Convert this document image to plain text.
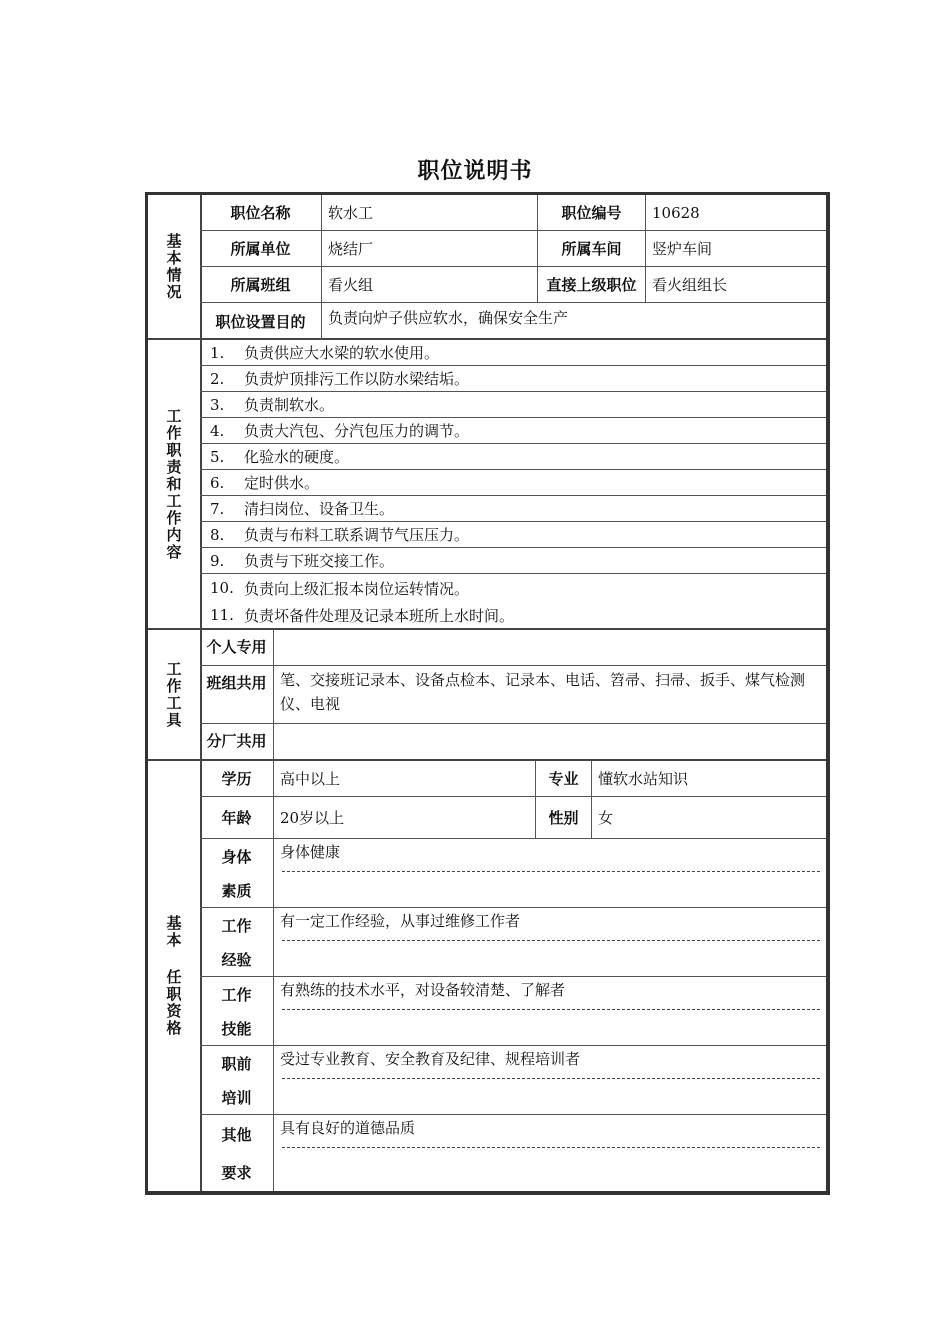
职位说明书
基本情况
职位名称	软水工	职位编号	10628
所属单位	烧结厂	所属车间	竖炉车间
所属班组	看火组	直接上级职位	看火组组长
职位设置目的	负责向炉子供应软水，确保安全生产
工作职责和工作内容
1.	负责供应大水梁的软水使用。
2.	负责炉顶排污工作以防水梁结垢。
3.	负责制软水。
4.	负责大汽包、分汽包压力的调节。
5.	化验水的硬度。
6.	定时供水。
7.	清扫岗位、设备卫生。
8.	负责与布料工联系调节气压压力。
9.	负责与下班交接工作。
10. 负责向上级汇报本岗位运转情况。
11. 负责坏备件处理及记录本班所上水时间。
工作工具
个人专用
班组共用 笔、交接班记录本、设备点检本、记录本、电话、笤帚、扫帚、扳手、煤气检测仪、电视
分厂共用
基本 任职资格
学历	高中以上	专业	懂软水站知识
年龄	20岁以上	性别	女
身体
素质
身体健康
工作
经验
有一定工作经验，从事过维修工作者
工作
技能
有熟练的技术水平，对设备较清楚、了解者
职前
培训
受过专业教育、安全教育及纪律、规程培训者
其他
要求
具有良好的道德品质
